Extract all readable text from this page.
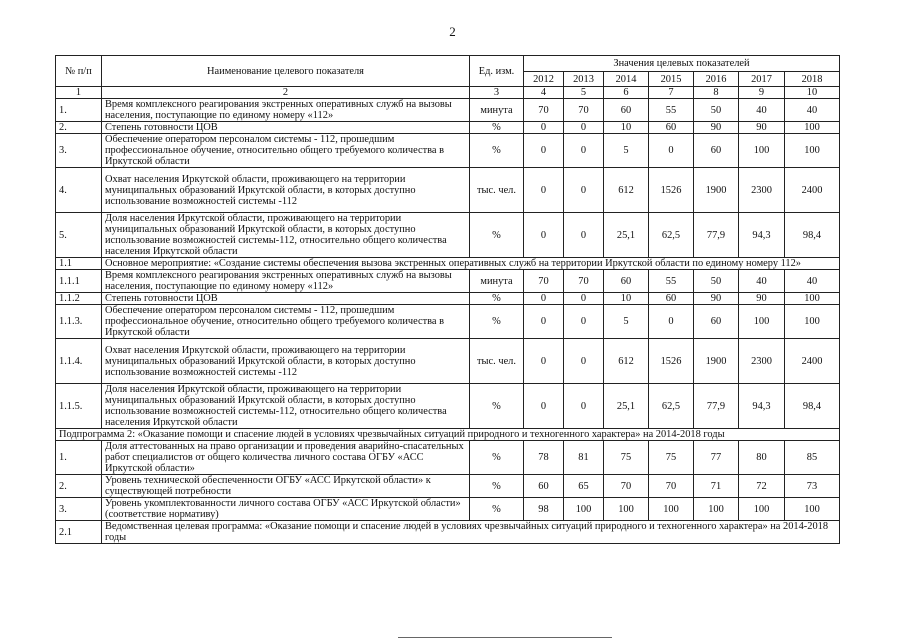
2
№ п/п	Наименование целевого показателя	Ед. изм.	Значения целевых показателей						
			2012	2013	2014	2015	2016	2017	2018
1	2	3	4	5	6	7	8	9	10
1.	Время комплексного реагирования экстренных оперативных служб на вызовы населения, поступающие по единому номеру «112»	минута	70	70	60	55	50	40	40
2.	Степень готовности ЦОВ	%	0	0	10	60	90	90	100
3.	Обеспечение оператором персоналом системы - 112, прошедшим профессиональное обучение, относительно общего требуемого количества в Иркутской области	%	0	0	5	0	60	100	100
4.	Охват населения Иркутской области, проживающего на территории муниципальных образований Иркутской области, в которых доступно использование возможностей системы -112	тыс. чел.	0	0	612	1526	1900	2300	2400
5.	Доля населения Иркутской области, проживающего на территории муниципальных образований Иркутской области, в которых доступно использование возможностей системы-112, относительно общего количества населения Иркутской области	%	0	0	25,1	62,5	77,9	94,3	98,4
1.1	Основное мероприятие: «Создание системы обеспечения вызова экстренных оперативных служб на территории Иркутской области по единому номеру 112»								
1.1.1	Время комплексного реагирования экстренных оперативных служб на вызовы населения, поступающие по единому номеру «112»	минута	70	70	60	55	50	40	40
1.1.2	Степень готовности ЦОВ	%	0	0	10	60	90	90	100
1.1.3.	Обеспечение оператором персоналом системы - 112, прошедшим профессиональное обучение, относительно общего требуемого количества в Иркутской области	%	0	0	5	0	60	100	100
1.1.4.	Охват населения Иркутской области, проживающего на территории муниципальных образований Иркутской области, в которых доступно использование возможностей системы -112	тыс. чел.	0	0	612	1526	1900	2300	2400
1.1.5.	Доля населения Иркутской области, проживающего на территории муниципальных образований Иркутской области, в которых доступно использование возможностей системы-112, относительно общего количества населения Иркутской области	%	0	0	25,1	62,5	77,9	94,3	98,4
Подпрограмма 2: «Оказание помощи и спасение людей в условиях чрезвычайных ситуаций природного и техногенного характера» на 2014-2018 годы									
1.	Доля аттестованных на право организации и проведения аварийно-спасательных работ специалистов от общего количества личного состава ОГБУ «АСС Иркутской области»	%	78	81	75	75	77	80	85
2.	Уровень технической обеспеченности ОГБУ «АСС Иркутской области» к существующей потребности	%	60	65	70	70	71	72	73
3.	Уровень укомплектованности личного состава ОГБУ «АСС Иркутской области» (соответствие нормативу)	%	98	100	100	100	100	100	100
2.1	Ведомственная целевая программа: «Оказание помощи и спасение людей в условиях чрезвычайных ситуаций природного и техногенного характера» на 2014-2018 годы								
